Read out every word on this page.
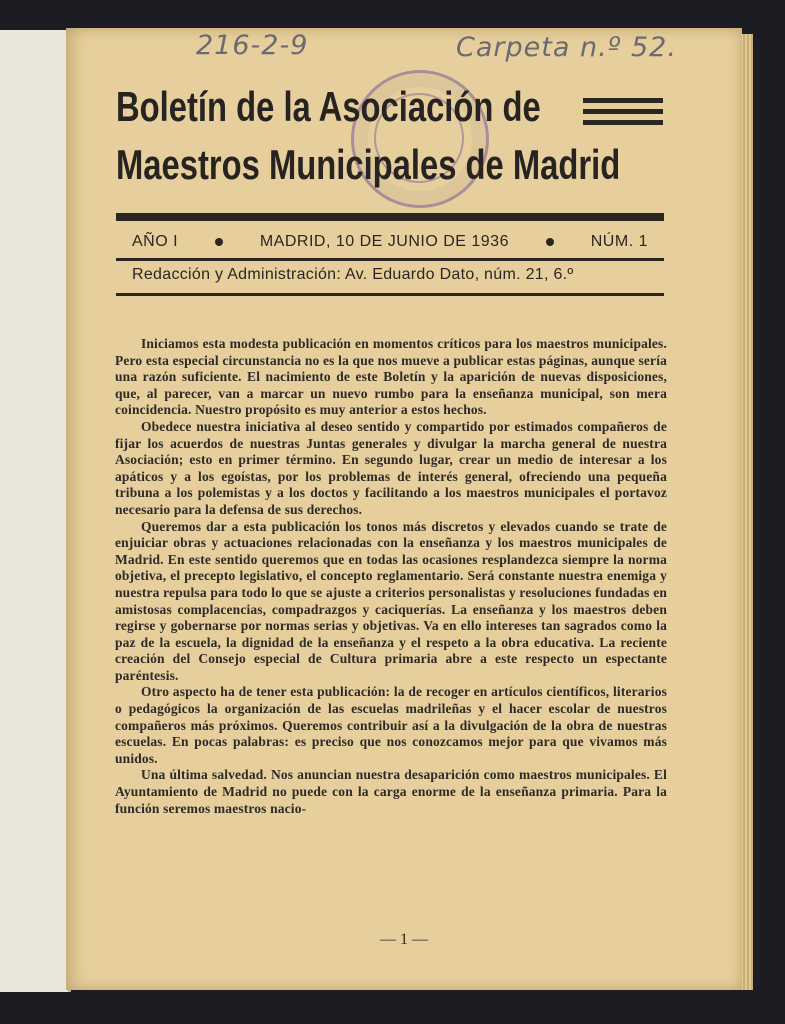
216-2-9	Carpeta n.º 52.
Boletín de la Asociación de
Maestros Municipales de Madrid
AÑO I	MADRID, 10 DE JUNIO DE 1936	NÚM. 1
Redacción y Administración: Av. Eduardo Dato, núm. 21, 6.º

Iniciamos esta modesta publicación en momentos críticos para los maestros municipales. Pero esta especial circunstancia no es la que nos mueve a publicar estas páginas, aunque sería una razón suficiente. El nacimiento de este Boletín y la aparición de nuevas disposiciones, que, al parecer, van a marcar un nuevo rumbo para la enseñanza municipal, son mera coincidencia. Nuestro propósito es muy anterior a estos hechos.

Obedece nuestra iniciativa al deseo sentido y compartido por estimados compañeros de fijar los acuerdos de nuestras Juntas generales y divulgar la marcha general de nuestra Asociación; esto en primer término. En segundo lugar, crear un medio de interesar a los apáticos y a los egoístas, por los problemas de interés general, ofreciendo una pequeña tribuna a los polemistas y a los doctos y facilitando a los maestros municipales el portavoz necesario para la defensa de sus derechos.

Queremos dar a esta publicación los tonos más discretos y elevados cuando se trate de enjuiciar obras y actuaciones relacionadas con la enseñanza y los maestros municipales de Madrid. En este sentido queremos que en todas las ocasiones resplandezca siempre la norma objetiva, el precepto legislativo, el concepto reglamentario. Será constante nuestra enemiga y nuestra repulsa para todo lo que se ajuste a criterios personalistas y resoluciones fundadas en amistosas complacencias, compadrazgos y caciquerías. La enseñanza y los maestros deben regirse y gobernarse por normas serias y objetivas. Va en ello intereses tan sagrados como la paz de la escuela, la dignidad de la enseñanza y el respeto a la obra educativa. La reciente creación del Consejo especial de Cultura primaria abre a este respecto un espectante paréntesis.

Otro aspecto ha de tener esta publicación: la de recoger en artículos científicos, literarios o pedagógicos la organización de las escuelas madrileñas y el hacer escolar de nuestros compañeros más próximos. Queremos contribuir así a la divulgación de la obra de nuestras escuelas. En pocas palabras: es preciso que nos conozcamos mejor para que vivamos más unidos.

Una última salvedad. Nos anuncian nuestra desaparición como maestros municipales. El Ayuntamiento de Madrid no puede con la carga enorme de la enseñanza primaria. Para la función seremos maestros nacio-

— 1 —
